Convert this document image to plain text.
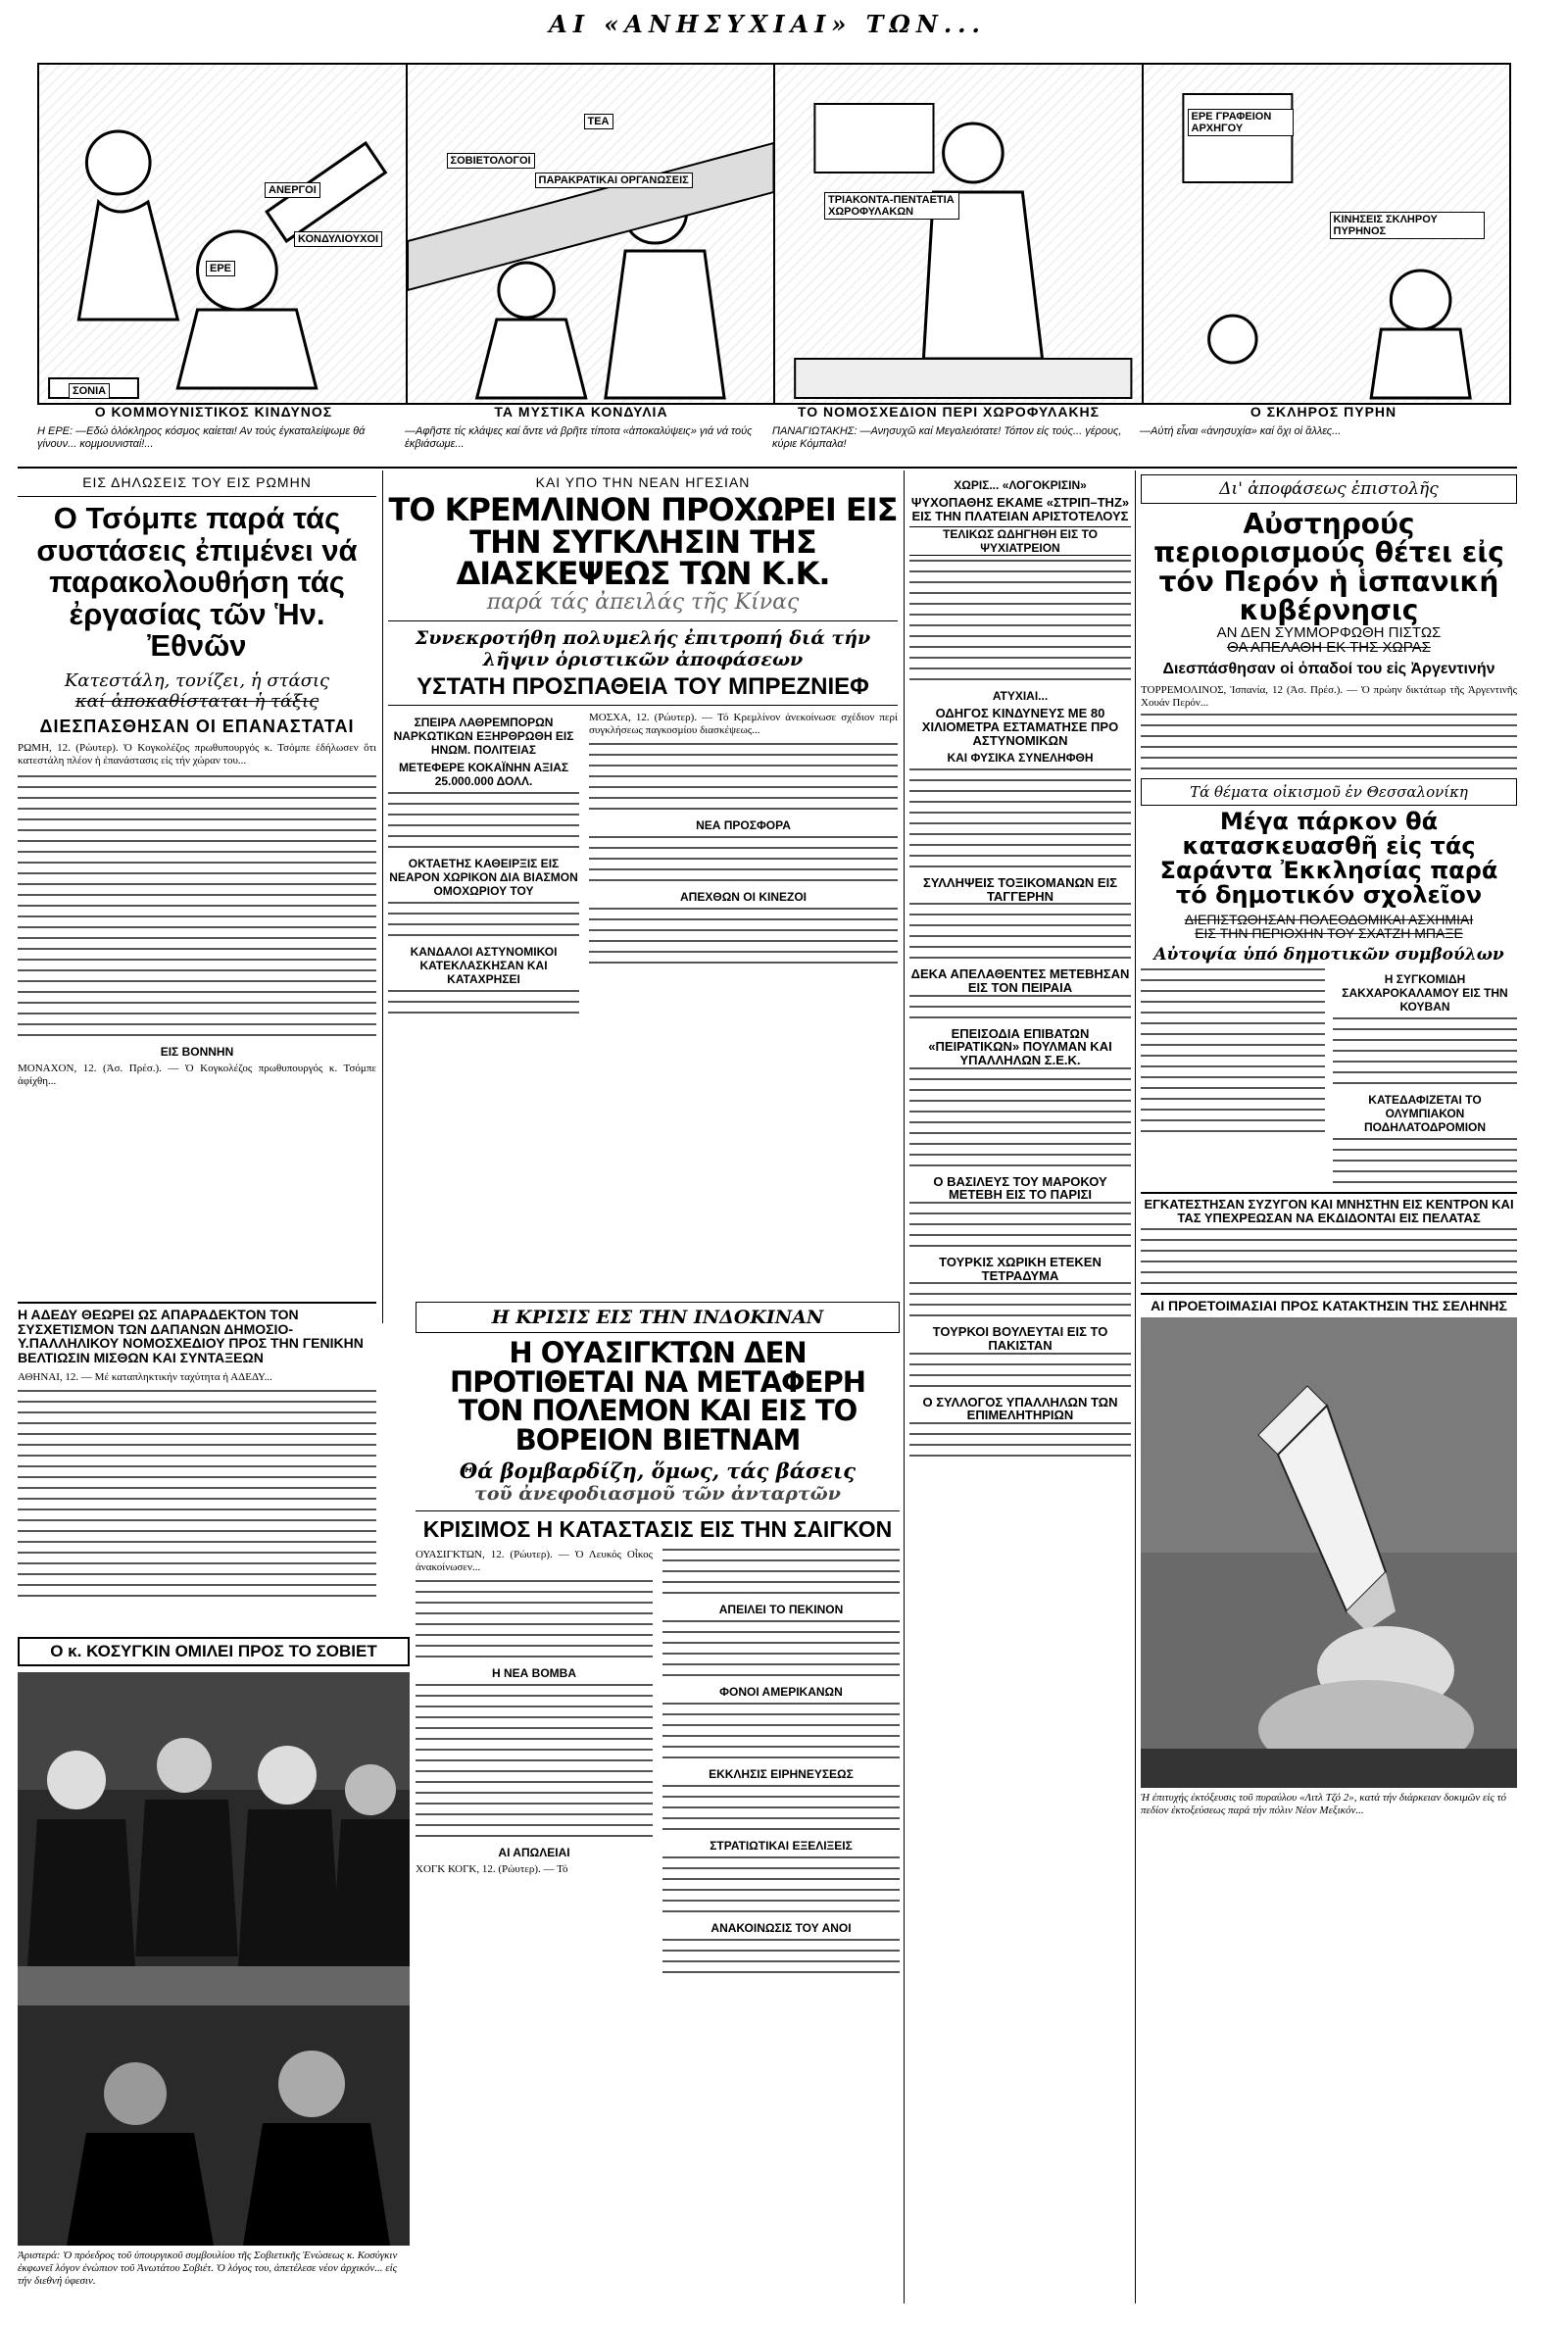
ΑΙ «ΑΝΗΣΥΧΙΑΙ» ΤΩΝ...
ΕΡΕ
ΑΝΕΡΓΟΙ
ΚΟΝΔΥΛΙΟΥΧΟΙ
ΣΟΝΙΑ
ΣΟΒΙΕΤΟΛΟΓΟΙ
ΤΕΑ
ΠΑΡΑΚΡΑΤΙΚΑΙ ΟΡΓΑΝΩΣΕΙΣ
ΤΡΙΑΚΟΝΤΑ-ΠΕΝΤΑΕΤΙΑ ΧΩΡΟΦΥΛΑΚΩΝ
ΕΡΕ ΓΡΑΦΕΙΟΝ ΑΡΧΗΓΟΥ
ΚΙΝΗΣΕΙΣ ΣΚΛΗΡΟΥ ΠΥΡΗΝΟΣ
Ο ΚΟΜΜΟΥΝΙΣΤΙΚΟΣ ΚΙΝΔΥΝΟΣ
Η ΕΡΕ: —Εδώ ὁλόκληρος κόσμος καίεται! Αν τούς ἐγκαταλείψωμε θά γίνουν... κομμουνισταί!...
ΤΑ ΜΥΣΤΙΚΑ ΚΟΝΔΥΛΙΑ
—Αφῆστε τίς κλάψες καί ἄντε νά βρῆτε τίποτα «ἀποκαλύψεις» γιά νά τούς ἐκβιάσωμε...
ΤΟ ΝΟΜΟΣΧΕΔΙΟΝ ΠΕΡΙ ΧΩΡΟΦΥΛΑΚΗΣ
ΠΑΝΑΓΙΩΤΑΚΗΣ: —Ανησυχῶ καί Μεγαλειότατε! Τόπον εἰς τούς... γέρους, κύριε Κόμπαλα!
Ο ΣΚΛΗΡΟΣ ΠΥΡΗΝ
—Αὐτή εἶναι «ἀνησυχία» καί ὄχι οἱ ἄλλες...
ΕΙΣ ΔΗΛΩΣΕΙΣ ΤΟΥ ΕΙΣ ΡΩΜΗΝ
Ο Τσόμπε παρά τάς συστάσεις ἐπιμένει νά παρακολουθήση τάς ἐργασίας τῶν Ἡν. Ἐθνῶν
Κατεστάλη, τονίζει, ἡ στάσις
καί ἀποκαθίσταται ἡ τάξις
ΔΙΕΣΠΑΣΘΗΣΑΝ ΟΙ ΕΠΑΝΑΣΤΑΤΑΙ
ΡΩΜΗ, 12. (Ρώυτερ). Ὁ Κογκολέζος πρωθυπουργός κ. Τσόμπε ἐδήλωσεν ὅτι κατεστάλη πλέον ἡ ἐπανάστασις εἰς τήν χώραν του...
ΕΙΣ ΒΟΝΝΗΝ
ΜΟΝΑΧΟΝ, 12. (Ἀσ. Πρέσ.). — Ὁ Κογκολέζος πρωθυπουργός κ. Τσόμπε ἀφίχθη...
ΚΑΙ ΥΠΟ ΤΗΝ ΝΕΑΝ ΗΓΕΣΙΑΝ
ΤΟ ΚΡΕΜΛΙΝΟΝ ΠΡΟΧΩΡΕΙ ΕΙΣ ΤΗΝ ΣΥΓΚΛΗΣΙΝ ΤΗΣ ΔΙΑΣΚΕΨΕΩΣ ΤΩΝ Κ.Κ.
παρά τάς ἀπειλάς τῆς Κίνας
Συνεκροτήθη πολυμελής ἐπιτροπή διά τήν λῆψιν ὁριστικῶν ἀποφάσεων
ΥΣΤΑΤΗ ΠΡΟΣΠΑΘΕΙΑ ΤΟΥ ΜΠΡΕΖΝΙΕΦ
ΣΠΕΙΡΑ ΛΑΘΡΕΜΠΟΡΩΝ ΝΑΡΚΩΤΙΚΩΝ ΕΞΗΡΘΡΩΘΗ ΕΙΣ ΗΝΩΜ. ΠΟΛΙΤΕΙΑΣ
ΜΕΤΕΦΕΡΕ ΚΟΚΑΪΝΗΝ ΑΞΙΑΣ 25.000.000 ΔΟΛΛ.
ΟΚΤΑΕΤΗΣ ΚΑΘΕΙΡΞΙΣ ΕΙΣ ΝΕΑΡΟΝ ΧΩΡΙΚΟΝ ΔΙΑ ΒΙΑΣΜΟΝ ΟΜΟΧΩΡΙΟΥ ΤΟΥ
ΚΑΝΔΑΛΟΙ ΑΣΤΥΝΟΜΙΚΟΙ ΚΑΤΕΚΛΑΣΚΗΣΑΝ ΚΑΙ ΚΑΤΑΧΡΗΣΕΙ
ΜΟΣΧΑ, 12. (Ρώυτερ). — Τό Κρεμλίνον ἀνεκοίνωσε σχέδιον περί συγκλήσεως παγκοσμίου διασκέψεως...
ΝΕΑ ΠΡΟΣΦΟΡΑ
ΑΠΕΧΘΩΝ ΟΙ ΚΙΝΕΖΟΙ
Η ΑΔΕΔΥ ΘΕΩΡΕΙ ΩΣ ΑΠΑΡΑΔΕΚΤΟΝ ΤΟΝ ΣΥΣΧΕΤΙΣΜΟΝ ΤΩΝ ΔΑΠΑΝΩΝ ΔΗΜΟΣΙΟ-Υ.ΠΑΛΛΗΛΙΚΟΥ ΝΟΜΟΣΧΕΔΙΟΥ ΠΡΟΣ ΤΗΝ ΓΕΝΙΚΗΝ ΒΕΛΤΙΩΣΙΝ ΜΙΣΘΩΝ ΚΑΙ ΣΥΝΤΑΞΕΩΝ
ΑΘΗΝΑΙ, 12. — Μέ καταπληκτικήν ταχύτητα ἡ ΑΔΕΔΥ...
Ο κ. ΚΟΣΥΓΚΙΝ ΟΜΙΛΕΙ ΠΡΟΣ ΤΟ ΣΟΒΙΕΤ
Ἀριστερά: Ὁ πρόεδρος τοῦ ὑπουργικοῦ συμβουλίου τῆς Σοβιετικῆς Ἑνώσεως κ. Κοσύγκιν ἐκφωνεῖ λόγον ἐνώπιον τοῦ Ἀνωτάτου Σοβιέτ. Ὁ λόγος του, ἀπετέλεσε νέον ἀρχικόν... εἰς τήν διεθνή ὑφεσιν.
Η ΚΡΙΣΙΣ ΕΙΣ ΤΗΝ ΙΝΔΟΚΙΝΑΝ
Η ΟΥΑΣΙΓΚΤΩΝ ΔΕΝ ΠΡΟΤΙΘΕΤΑΙ ΝΑ ΜΕΤΑΦΕΡΗ ΤΟΝ ΠΟΛΕΜΟΝ ΚΑΙ ΕΙΣ ΤΟ ΒΟΡΕΙΟΝ ΒΙΕΤΝΑΜ
Θά βομβαρδίζη, ὅμως, τάς βάσεις
τοῦ ἀνεφοδιασμοῦ τῶν ἀνταρτῶν
ΚΡΙΣΙΜΟΣ Η ΚΑΤΑΣΤΑΣΙΣ ΕΙΣ ΤΗΝ ΣΑΙΓΚΟΝ
ΟΥΑΣΙΓΚΤΩΝ, 12. (Ρώυτερ). — Ὁ Λευκός Οἶκος ἀνακοίνωσεν...
Η ΝΕΑ ΒΟΜΒΑ
ΑΙ ΑΠΩΛΕΙΑΙ
ΧΟΓΚ ΚΟΓΚ, 12. (Ρώυτερ). — Τό
ΑΠΕΙΛΕΙ ΤΟ ΠΕΚΙΝΟΝ
ΦΟΝΟΙ ΑΜΕΡΙΚΑΝΩΝ
ΕΚΚΛΗΣΙΣ ΕΙΡΗΝΕΥΣΕΩΣ
ΣΤΡΑΤΙΩΤΙΚΑΙ ΕΞΕΛΙΞΕΙΣ
ΑΝΑΚΟΙΝΩΣΙΣ ΤΟΥ ΑΝΟΙ
ΧΩΡΙΣ... «ΛΟΓΟΚΡΙΣΙΝ»
ΨΥΧΟΠΑΘΗΣ ΕΚΑΜΕ «ΣΤΡΙΠ–ΤΗΖ» ΕΙΣ ΤΗΝ ΠΛΑΤΕΙΑΝ ΑΡΙΣΤΟΤΕΛΟΥΣ
ΤΕΛΙΚΩΣ ΩΔΗΓΗΘΗ ΕΙΣ ΤΟ ΨΥΧΙΑΤΡΕΙΟΝ
ΑΤΥΧΙΑΙ...
ΟΔΗΓΟΣ ΚΙΝΔΥΝΕΥΣ ΜΕ 80 ΧΙΛΙΟΜΕΤΡΑ ΕΣΤΑΜΑΤΗΣΕ ΠΡΟ ΑΣΤΥΝΟΜΙΚΩΝ
ΚΑΙ ΦΥΣΙΚΑ ΣΥΝΕΛΗΦΘΗ
ΣΥΛΛΗΨΕΙΣ ΤΟΞΙΚΟΜΑΝΩΝ ΕΙΣ ΤΑΓΓΕΡΗΝ
ΔΕΚΑ ΑΠΕΛΑΘΕΝΤΕΣ ΜΕΤΕΒΗΣΑΝ ΕΙΣ ΤΟΝ ΠΕΙΡΑΙΑ
ΕΠΕΙΣΟΔΙΑ ΕΠΙΒΑΤΩΝ «ΠΕΙΡΑΤΙΚΩΝ» ΠΟΥΛΜΑΝ ΚΑΙ ΥΠΑΛΛΗΛΩΝ Σ.Ε.Κ.
Ο ΒΑΣΙΛΕΥΣ ΤΟΥ ΜΑΡΟΚΟΥ ΜΕΤΕΒΗ ΕΙΣ ΤΟ ΠΑΡΙΣΙ
ΤΟΥΡΚΙΣ ΧΩΡΙΚΗ ΕΤΕΚΕΝ ΤΕΤΡΑΔΥΜΑ
ΤΟΥΡΚΟΙ ΒΟΥΛΕΥΤΑΙ ΕΙΣ ΤΟ ΠΑΚΙΣΤΑΝ
Ο ΣΥΛΛΟΓΟΣ ΥΠΑΛΛΗΛΩΝ ΤΩΝ ΕΠΙΜΕΛΗΤΗΡΙΩΝ
Δι' ἀποφάσεως ἐπιστολῆς
Αὐστηρούς περιορισμούς θέτει εἰς τόν Περόν ἡ ἱσπανική κυβέρνησις
ΑΝ ΔΕΝ ΣΥΜΜΟΡΦΩΘΗ ΠΙΣΤΩΣ
ΘΑ ΑΠΕΛΑΘΗ ΕΚ ΤΗΣ ΧΩΡΑΣ
Διεσπάσθησαν οἱ ὀπαδοί του εἰς Ἀργεντινήν
ΤΟΡΡΕΜΟΛΙΝΟΣ, Ἱσπανία, 12 (Ἀσ. Πρέσ.). — Ὁ πρώην δικτάτωρ τῆς Ἀργεντινῆς Χουάν Περόν...
Τά θέματα οἰκισμοῦ ἐν Θεσσαλονίκη
Μέγα πάρκον θά κατασκευασθῆ εἰς τάς Σαράντα Ἐκκλησίας παρά τό δημοτικόν σχολεῖον
ΔΙΕΠΙΣΤΩΘΗΣΑΝ ΠΟΛΕΟΔΟΜΙΚΑΙ ΑΣΧΗΜΙΑΙ
ΕΙΣ ΤΗΝ ΠΕΡΙΟΧΗΝ ΤΟΥ ΣΧΑΤΖΗ ΜΠΑΞΕ
Αὐτοψία ὑπό δημοτικῶν συμβούλων
Η ΣΥΓΚΟΜΙΔΗ ΣΑΚΧΑΡΟΚΑΛΑΜΟΥ ΕΙΣ ΤΗΝ ΚΟΥΒΑΝ
ΚΑΤΕΔΑΦΙΖΕΤΑΙ ΤΟ ΟΛΥΜΠΙΑΚΟΝ ΠΟΔΗΛΑΤΟΔΡΟΜΙΟΝ
ΕΓΚΑΤΕΣΤΗΣΑΝ ΣΥΖΥΓΟΝ ΚΑΙ ΜΝΗΣΤΗΝ ΕΙΣ ΚΕΝΤΡΟΝ ΚΑΙ ΤΑΣ ΥΠΕΧΡΕΩΣΑΝ ΝΑ ΕΚΔΙΔΟΝΤΑΙ ΕΙΣ ΠΕΛΑΤΑΣ
ΑΙ ΠΡΟΕΤΟΙΜΑΣΙΑΙ ΠΡΟΣ ΚΑΤΑΚΤΗΣΙΝ ΤΗΣ ΣΕΛΗΝΗΣ
Ἡ ἐπιτυχής ἐκτόξευσις τοῦ πυραύλου «Λιτλ Τζό 2», κατά τήν διάρκειαν δοκιμῶν εἰς τό πεδίον ἐκτοξεύσεως παρά τήν πόλιν Νέον Μεξικόν...
